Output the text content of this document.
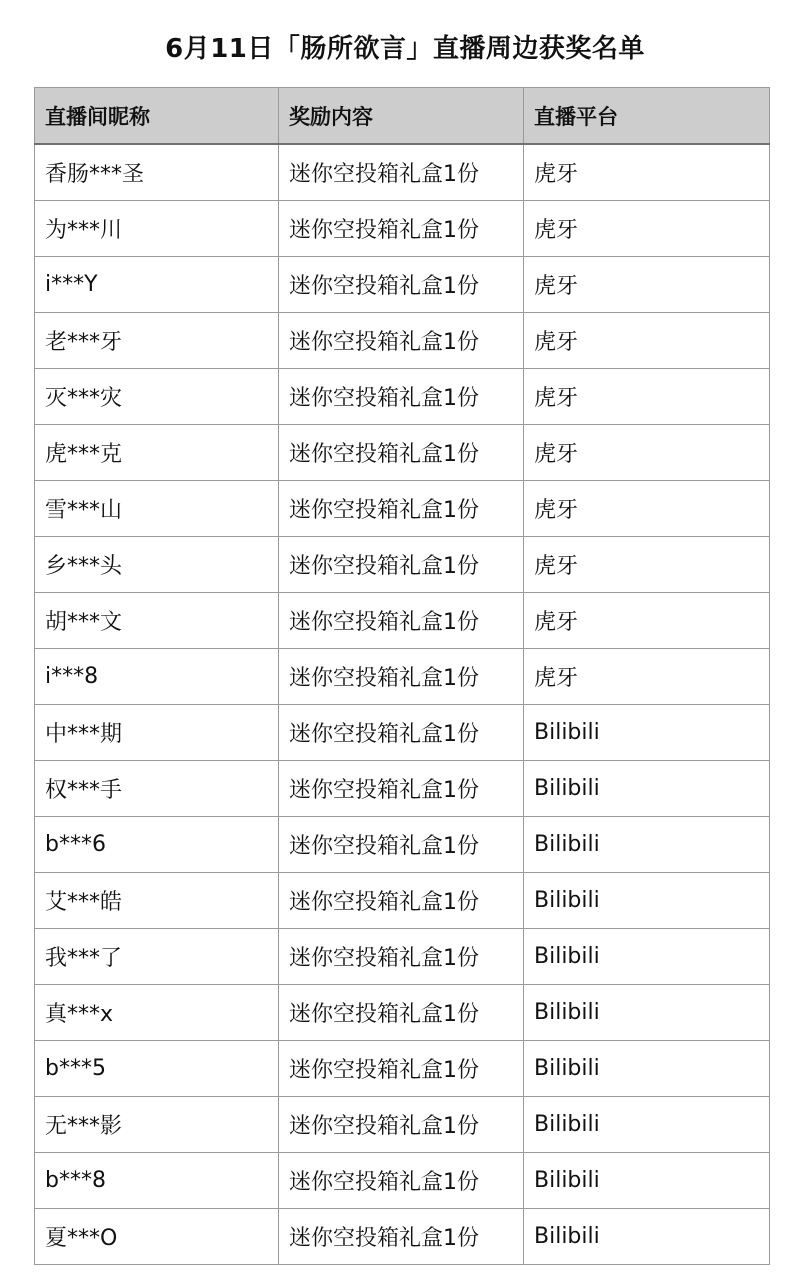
6月11日「肠所欲言」直播周边获奖名单
直播间昵称	奖励内容	直播平台
香肠***圣	迷你空投箱礼盒1份	虎牙
为***川	迷你空投箱礼盒1份	虎牙
i***Y	迷你空投箱礼盒1份	虎牙
老***牙	迷你空投箱礼盒1份	虎牙
灭***灾	迷你空投箱礼盒1份	虎牙
虎***克	迷你空投箱礼盒1份	虎牙
雪***山	迷你空投箱礼盒1份	虎牙
乡***头	迷你空投箱礼盒1份	虎牙
胡***文	迷你空投箱礼盒1份	虎牙
i***8	迷你空投箱礼盒1份	虎牙
中***期	迷你空投箱礼盒1份	Bilibili
权***手	迷你空投箱礼盒1份	Bilibili
b***6	迷你空投箱礼盒1份	Bilibili
艾***皓	迷你空投箱礼盒1份	Bilibili
我***了	迷你空投箱礼盒1份	Bilibili
真***x	迷你空投箱礼盒1份	Bilibili
b***5	迷你空投箱礼盒1份	Bilibili
无***影	迷你空投箱礼盒1份	Bilibili
b***8	迷你空投箱礼盒1份	Bilibili
夏***O	迷你空投箱礼盒1份	Bilibili
